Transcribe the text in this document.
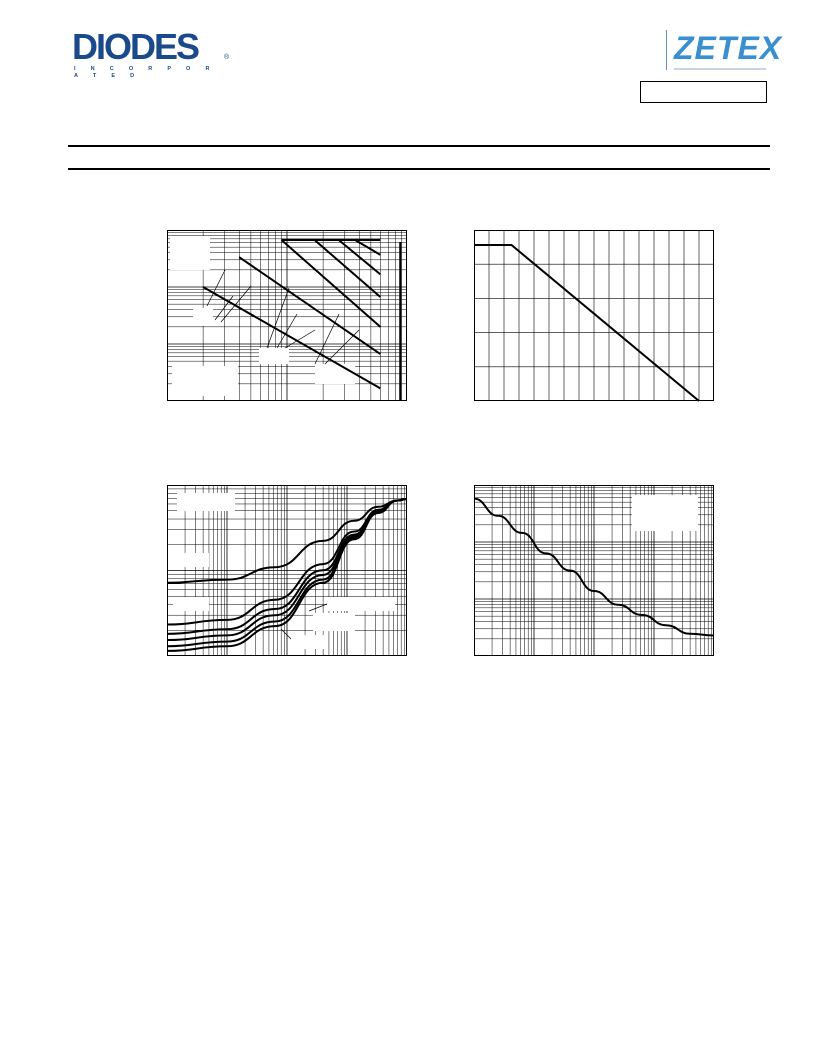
DIODES
I N C O R P O R A T E D
®	ZETEX
